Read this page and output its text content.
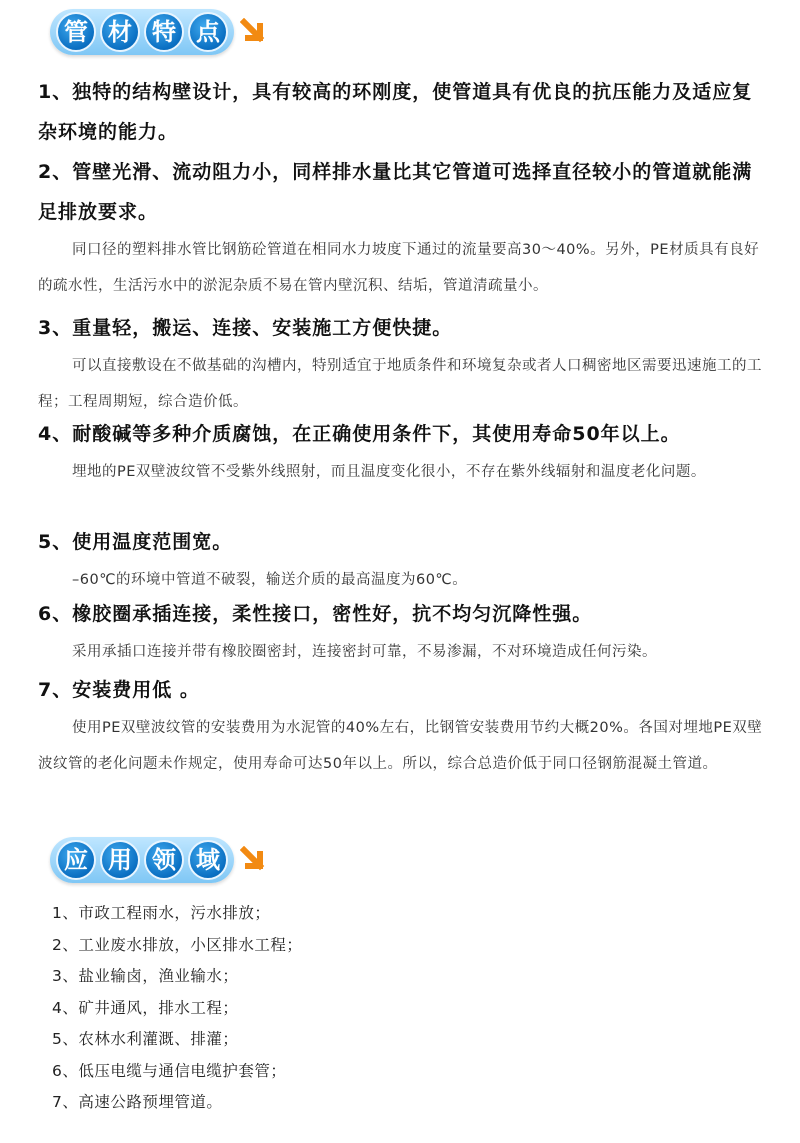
管 材 特 点
1、独特的结构壁设计，具有较高的环刚度，使管道具有优良的抗压能力及适应复杂环境的能力。
2、管壁光滑、流动阻力小，同样排水量比其它管道可选择直径较小的管道就能满足排放要求。
同口径的塑料排水管比钢筋砼管道在相同水力坡度下通过的流量要高30～40%。另外，PE材质具有良好的疏水性，生活污水中的淤泥杂质不易在管内壁沉积、结垢，管道清疏量小。
3、重量轻，搬运、连接、安装施工方便快捷。
可以直接敷设在不做基础的沟槽内，特别适宜于地质条件和环境复杂或者人口稠密地区需要迅速施工的工程；工程周期短，综合造价低。
4、耐酸碱等多种介质腐蚀，在正确使用条件下，其使用寿命50年以上。
埋地的PE双壁波纹管不受紫外线照射，而且温度变化很小，不存在紫外线辐射和温度老化问题。
5、使用温度范围宽。
–60℃的环境中管道不破裂，输送介质的最高温度为60℃。
6、橡胶圈承插连接，柔性接口，密性好，抗不均匀沉降性强。
采用承插口连接并带有橡胶圈密封，连接密封可靠，不易渗漏，不对环境造成任何污染。
7、安装费用低 。
使用PE双壁波纹管的安装费用为水泥管的40%左右，比钢管安装费用节约大概20%。各国对埋地PE双壁波纹管的老化问题未作规定，使用寿命可达50年以上。所以，综合总造价低于同口径钢筋混凝土管道。
应 用 领 域
1、市政工程雨水，污水排放；
2、工业废水排放，小区排水工程；
3、盐业输卤，渔业输水；
4、矿井通风，排水工程；
5、农林水利灌溉、排灌；
6、低压电缆与通信电缆护套管；
7、高速公路预埋管道。
